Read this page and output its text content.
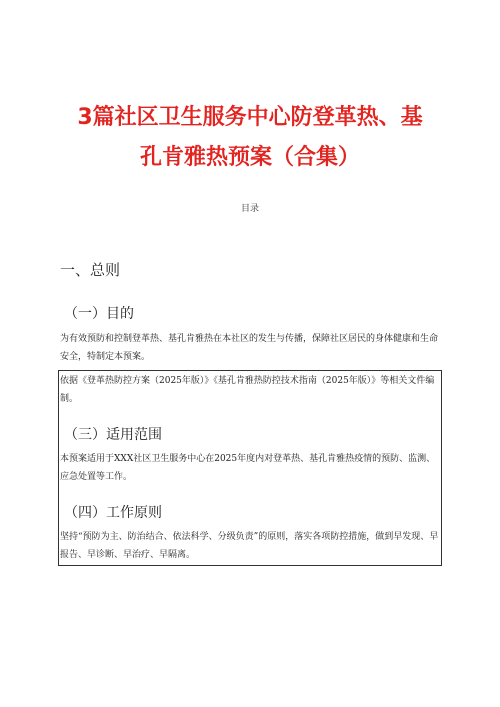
3篇社区卫生服务中心防登革热、基
孔肯雅热预案（合集）
目录
一、总则
（一）目的
为有效预防和控制登革热、基孔肯雅热在本社区的发生与传播，保障社区居民的身体健康和生命安全，特制定本预案。
依据《登革热防控方案（2025年版）》《基孔肯雅热防控技术指南（2025年版）》等相关文件编制。
（三）适用范围
本预案适用于XXX社区卫生服务中心在2025年度内对登革热、基孔肯雅热疫情的预防、监测、应急处置等工作。
（四）工作原则
坚持“预防为主、防治结合、依法科学、分级负责”的原则，落实各项防控措施，做到早发现、早报告、早诊断、早治疗、早隔离。
